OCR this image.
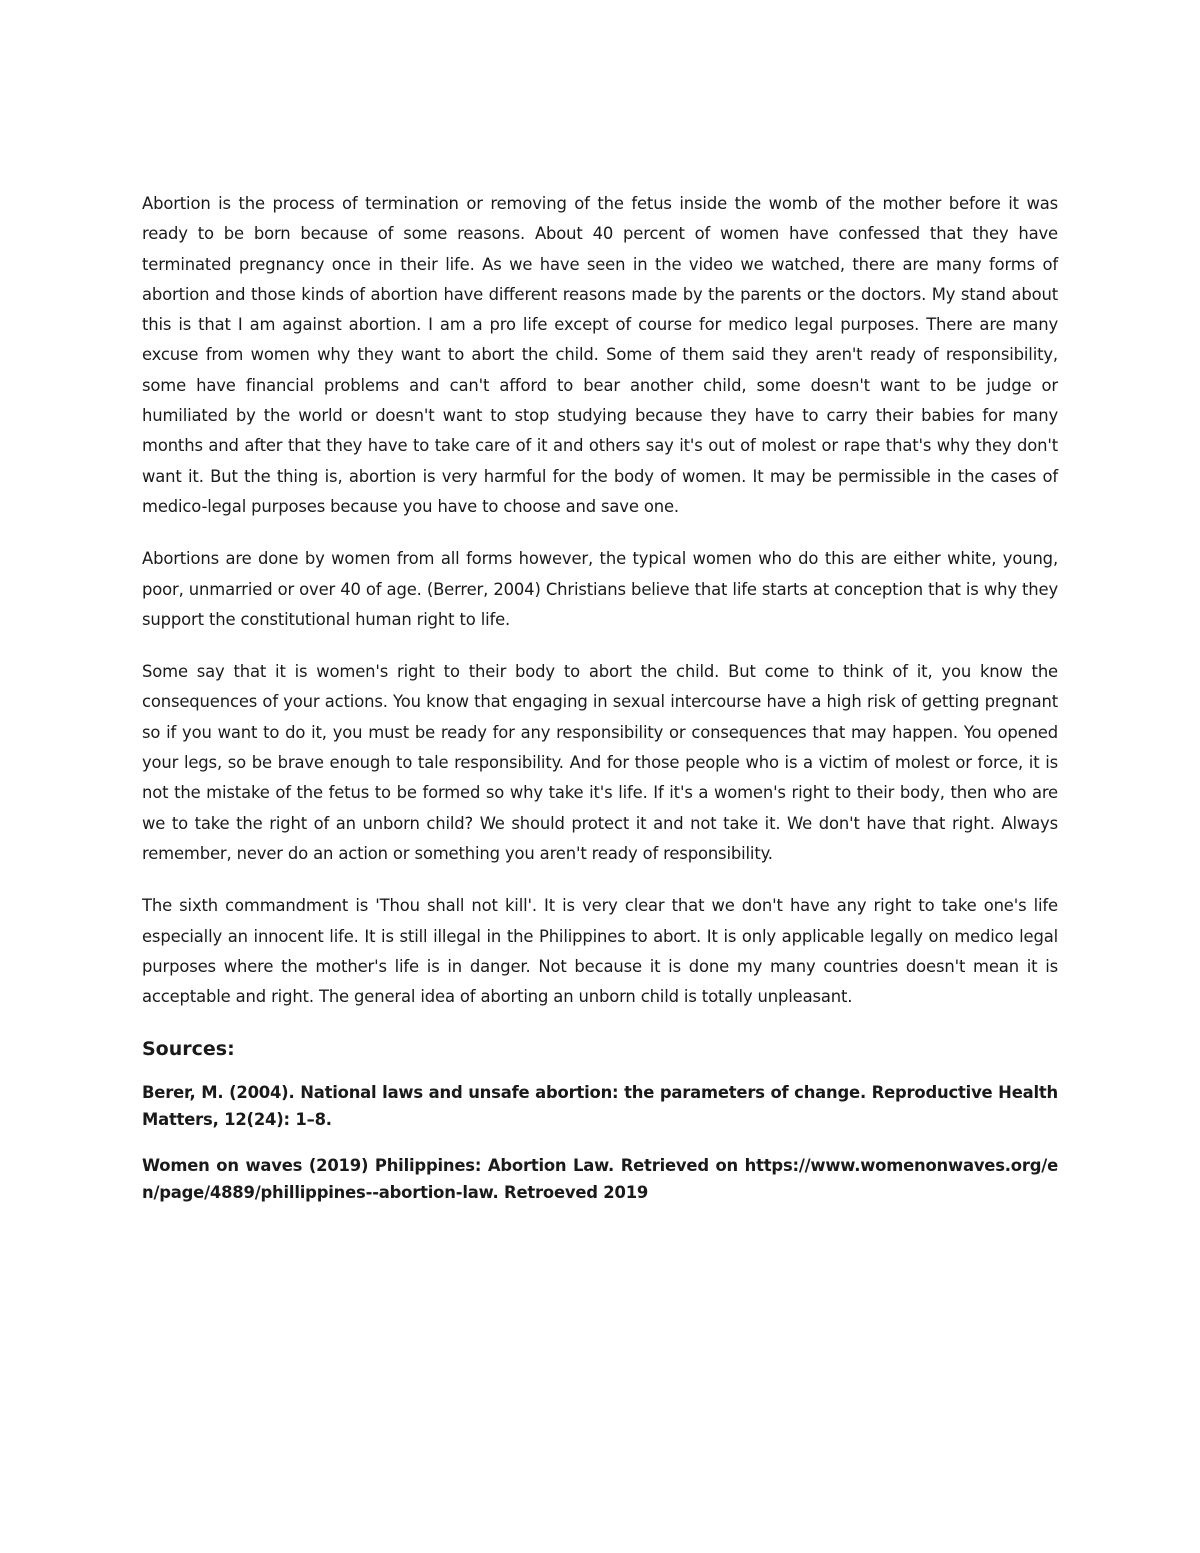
Abortion is the process of termination or removing of the fetus inside the womb of the mother before it was ready to be born because of some reasons. About 40 percent of women have confessed that they have terminated pregnancy once in their life. As we have seen in the video we watched, there are many forms of abortion and those kinds of abortion have different reasons made by the parents or the doctors. My stand about this is that I am against abortion. I am a pro life except of course for medico legal purposes. There are many excuse from women why they want to abort the child. Some of them said they aren't ready of responsibility, some have financial problems and can't afford to bear another child, some doesn't want to be judge or humiliated by the world or doesn't want to stop studying because they have to carry their babies for many months and after that they have to take care of it and others say it's out of molest or rape that's why they don't want it. But the thing is, abortion is very harmful for the body of women. It may be permissible in the cases of medico-legal purposes because you have to choose and save one.

Abortions are done by women from all forms however, the typical women who do this are either white, young, poor, unmarried or over 40 of age. (Berrer, 2004) Christians believe that life starts at conception that is why they support the constitutional human right to life.

Some say that it is women's right to their body to abort the child. But come to think of it, you know the consequences of your actions. You know that engaging in sexual intercourse have a high risk of getting pregnant so if you want to do it, you must be ready for any responsibility or consequences that may happen. You opened your legs, so be brave enough to tale responsibility. And for those people who is a victim of molest or force, it is not the mistake of the fetus to be formed so why take it's life. If it's a women's right to their body, then who are we to take the right of an unborn child? We should protect it and not take it. We don't have that right. Always remember, never do an action or something you aren't ready of responsibility.

The sixth commandment is 'Thou shall not kill'. It is very clear that we don't have any right to take one's life especially an innocent life. It is still illegal in the Philippines to abort. It is only applicable legally on medico legal purposes where the mother's life is in danger. Not because it is done my many countries doesn't mean it is acceptable and right. The general idea of aborting an unborn child is totally unpleasant.

Sources:

Berer, M. (2004). National laws and unsafe abortion: the parameters of change. Reproductive Health Matters, 12(24): 1–8.

Women on waves (2019) Philippines: Abortion Law. Retrieved on https://www.womenonwaves.org/en/page/4889/phillippines--abortion-law. Retroeved 2019
